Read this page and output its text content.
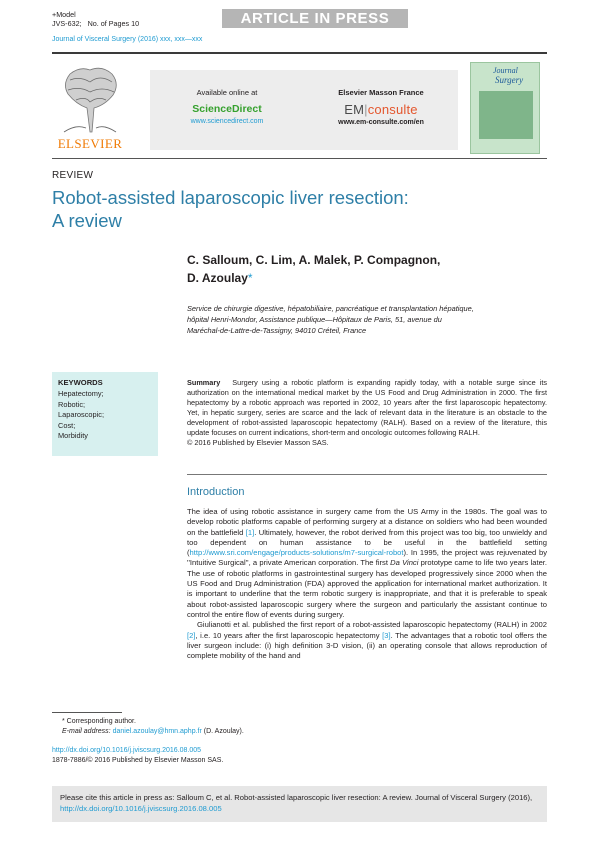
+Model
JVS-632; No. of Pages 10	ARTICLE IN PRESS
Journal of Visceral Surgery (2016) xxx, xxx—xxx
ELSEVIER
Available online at
ScienceDirect
www.sciencedirect.com
Elsevier Masson France
EM|consulte
www.em-consulte.com/en
Journal
Surgery
REVIEW
Robot-assisted laparoscopic liver resection:
A review
C. Salloum, C. Lim, A. Malek, P. Compagnon,
D. Azoulay*
Service de chirurgie digestive, hépatobiliaire, pancréatique et transplantation hépatique,
hôpital Henri-Mondor, Assistance publique—Hôpitaux de Paris, 51, avenue du
Maréchal-de-Lattre-de-Tassigny, 94010 Créteil, France
KEYWORDS
Hepatectomy;
Robotic;
Laparoscopic;
Cost;
Morbidity
Summary Surgery using a robotic platform is expanding rapidly today, with a notable surge since its authorization on the international medical market by the US Food and Drug Administration in 2000. The first hepatectomy by a robotic approach was reported in 2002, 10 years after the first laparoscopic hepatectomy. Yet, in hepatic surgery, series are scarce and the lack of relevant data in the literature is an obstacle to the development of robot-assisted laparoscopic hepatectomy (RALH). Based on a review of the literature, this update focuses on current indications, short-term and oncologic outcomes following RALH.
© 2016 Published by Elsevier Masson SAS.
Introduction

The idea of using robotic assistance in surgery came from the US Army in the 1980s. The goal was to develop robotic platforms capable of performing surgery at a distance on soldiers who had been wounded on the battlefield [1]. Ultimately, however, the robot derived from this project was too big, too unwieldy and too dependent on human assistance to be useful in the battlefield setting (http://www.sri.com/engage/products-solutions/m7-surgical-robot). In 1995, the project was rejuvenated by ''Intuitive Surgical'', a private American corporation. The first Da Vinci prototype came to life two years later. The use of robotic platforms in gastrointestinal surgery has developed progressively since 2000 when the US Food and Drug Administration (FDA) approved the application for international market authorization. It is important to underline that the term robotic surgery is inappropriate, and that it is preferable to speak about robot-assisted laparoscopic surgery where the surgeon and particularly the assistant continue to control the entire flow of events during surgery.

Giulianotti et al. published the first report of a robot-assisted laparoscopic hepatectomy (RALH) in 2002 [2], i.e. 10 years after the first laparoscopic hepatectomy [3]. The advantages that a robotic tool offers the liver surgeon include: (i) high definition 3-D vision, (ii) an operating console that allows reproduction of complete mobility of the hand and

* Corresponding author.
E-mail address: daniel.azoulay@hmn.aphp.fr (D. Azoulay).
http://dx.doi.org/10.1016/j.jviscsurg.2016.08.005
1878-7886/© 2016 Published by Elsevier Masson SAS.
Please cite this article in press as: Salloum C, et al. Robot-assisted laparoscopic liver resection: A review. Journal of Visceral Surgery (2016), http://dx.doi.org/10.1016/j.jviscsurg.2016.08.005
